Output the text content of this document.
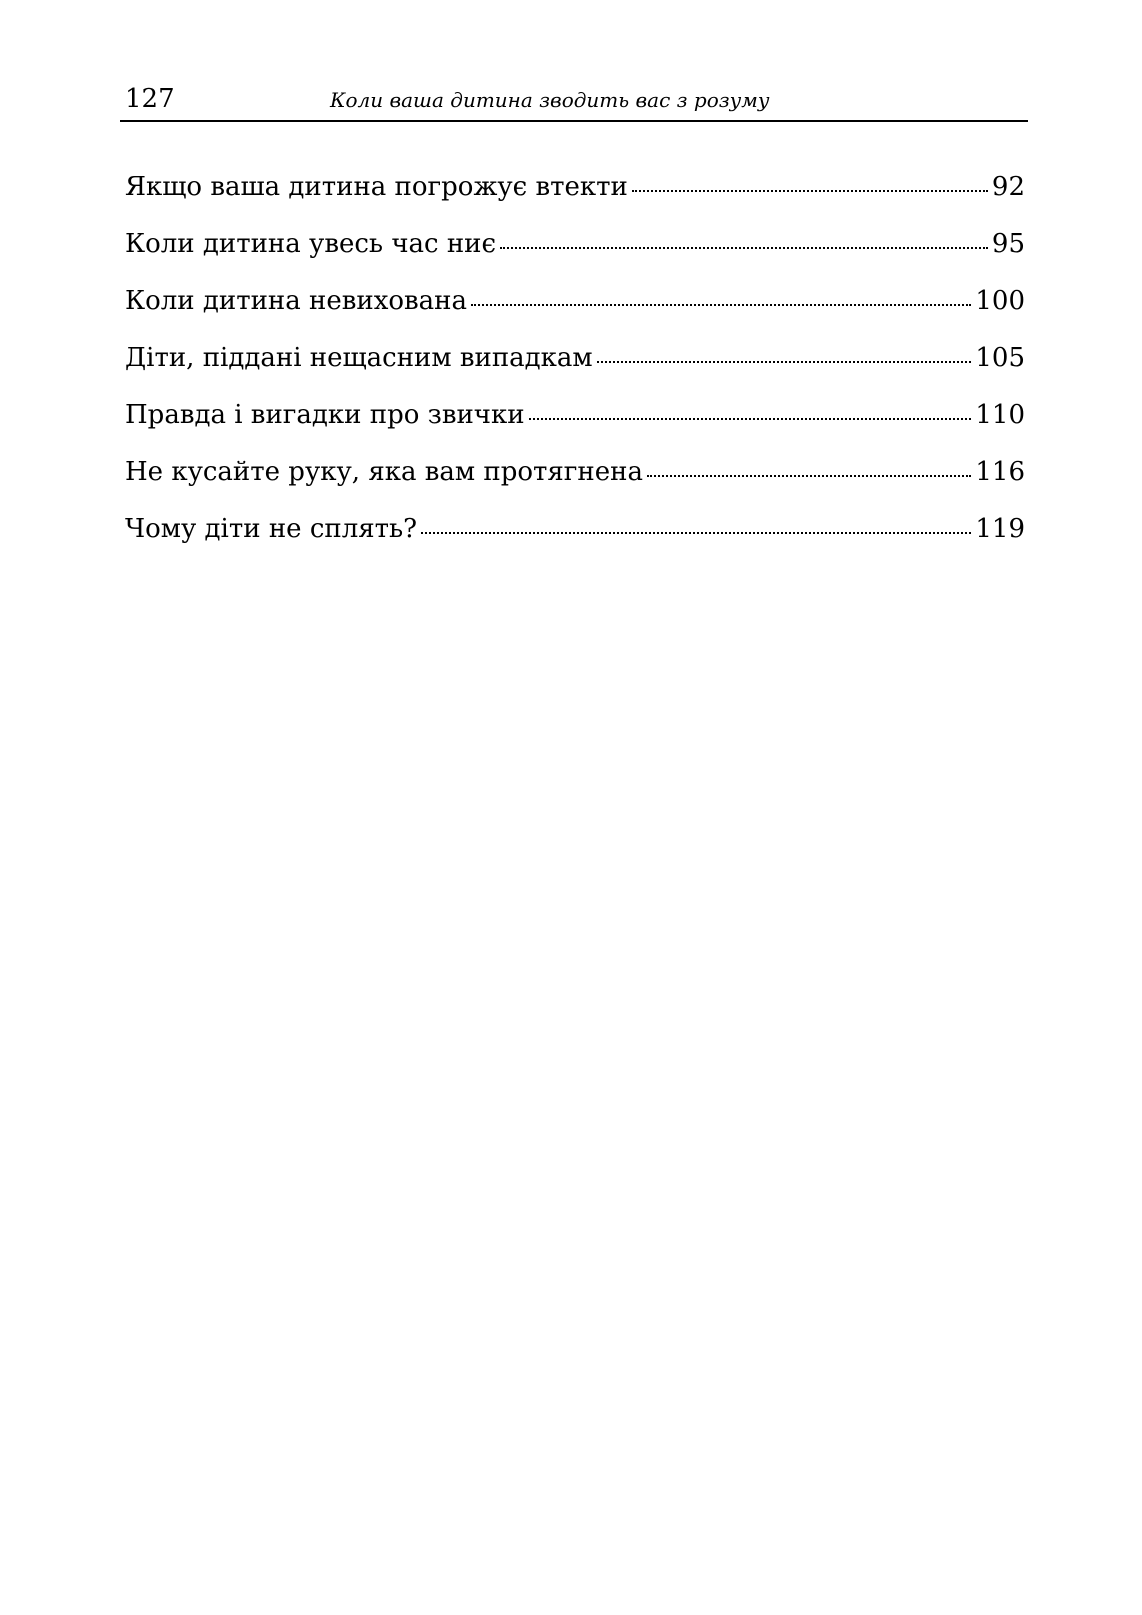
127	Коли ваша дитина зводить вас з розуму
Якщо ваша дитина погрожує втекти	92
Коли дитина увесь час ниє	95
Коли дитина невихована	100
Діти, піддані нещасним випадкам	105
Правда і вигадки про звички	110
Не кусайте руку, яка вам протягнена	116
Чому діти не сплять?	119
